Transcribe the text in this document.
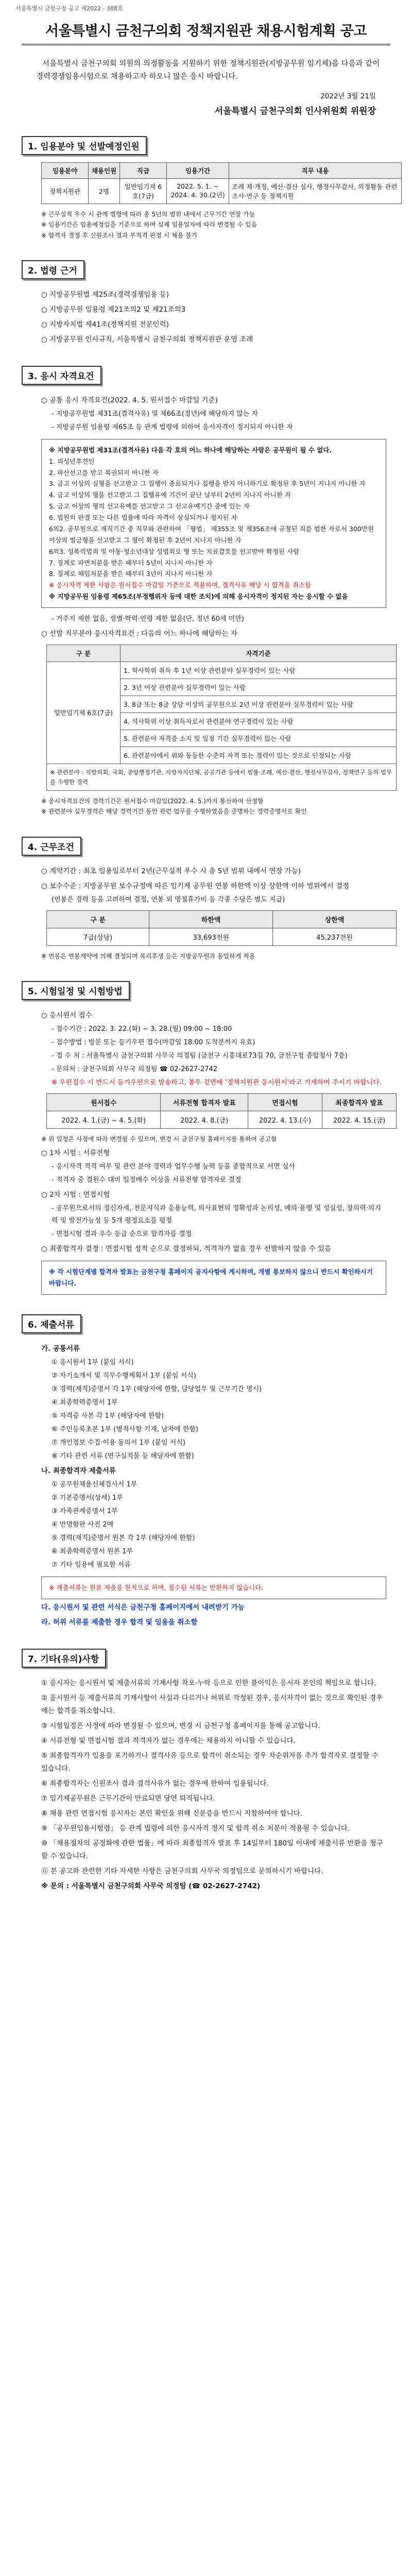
서울특별시 금천구청 공고 제2022 - 308호
서울특별시 금천구의회 정책지원관 채용시험계획 공고
서울특별시 금천구의회 의원의 의정활동을 지원하기 위한 정책지원관(지방공무원 임기제)을 다음과 같이 경력경쟁임용시험으로 채용하고자 하오니 많은 응시 바랍니다.
2022년 3월 21일
서울특별시 금천구의회 인사위원회 위원장
1. 임용분야 및 선발예정인원
임용분야	채용인원	직급	임용기간	직무 내용
정책지원관	2명	일반임기제 6호(7급)	2022. 5. 1. ~ 2024. 4. 30.(2년)	조례 제·개정, 예산·결산 심사, 행정사무감사, 의정활동 관련 조사·연구 등 정책지원
※ 근무실적 우수 시 관계 법령에 따라 총 5년의 범위 내에서 근무기간 연장 가능
※ 임용기간은 임용예정일을 기준으로 하며 실제 임용일자에 따라 변경될 수 있음
※ 합격자 결정 후 신원조사 결과 부적격 판정 시 채용 불가
2. 법령 근거
○ 지방공무원법 제25조(경력경쟁임용 등)
○ 지방공무원 임용령 제21조의2 및 제21조의3
○ 지방자치법 제41조(정책지원 전문인력)
○ 지방공무원 인사규칙, 서울특별시 금천구의회 정책지원관 운영 조례
3. 응시 자격요건
○ 공통 응시 자격요건(2022. 4. 5. 원서접수 마감일 기준)
- 지방공무원법 제31조(결격사유) 및 제66조(정년)에 해당하지 않는 자
- 지방공무원 임용령 제65조 등 관계 법령에 의하여 응시자격이 정지되지 아니한 자
※ 지방공무원법 제31조(결격사유) 다음 각 호의 어느 하나에 해당하는 사람은 공무원이 될 수 없다.
1. 피성년후견인
2. 파산선고를 받고 복권되지 아니한 자
3. 금고 이상의 실형을 선고받고 그 집행이 종료되거나 집행을 받지 아니하기로 확정된 후 5년이 지나지 아니한 자
4. 금고 이상의 형을 선고받고 그 집행유예 기간이 끝난 날부터 2년이 지나지 아니한 자
5. 금고 이상의 형의 선고유예를 선고받고 그 선고유예기간 중에 있는 자
6. 법원의 판결 또는 다른 법률에 따라 자격이 상실되거나 정지된 자
6의2. 공무원으로 재직기간 중 직무와 관련하여 「형법」 제355조 및 제356조에 규정된 죄를 범한 자로서 300만원 이상의 벌금형을 선고받고 그 형이 확정된 후 2년이 지나지 아니한 자
6의3. 성폭력범죄 및 아동·청소년대상 성범죄로 형 또는 치료감호를 선고받아 확정된 사람
7. 징계로 파면처분을 받은 때부터 5년이 지나지 아니한 자
8. 징계로 해임처분을 받은 때부터 3년이 지나지 아니한 자
※ 응시자격 제한 사항은 원서접수 마감일 기준으로 적용하며, 결격사유 해당 시 합격을 취소함
※ 지방공무원 임용령 제65조(부정행위자 등에 대한 조치)에 의해 응시자격이 정지된 자는 응시할 수 없음
- 거주지 제한 없음, 성별·학력·연령 제한 없음(단, 정년 60세 미만)
○ 선발 직무분야 응시자격요건 : 다음의 어느 하나에 해당하는 자
구 분	자격기준
일반임기제 6호(7급)	1. 학사학위 취득 후 1년 이상 관련분야 실무경력이 있는 사람
	2. 3년 이상 관련분야 실무경력이 있는 사람
	3. 8급 또는 8급 상당 이상의 공무원으로 2년 이상 관련분야 실무경력이 있는 사람
	4. 석사학위 이상 취득자로서 관련분야 연구경력이 있는 사람
	5. 관련분야 자격증 소지 및 일정 기간 실무경력이 있는 사람
	6. 관련분야에서 위와 동등한 수준의 자격 또는 경력이 있는 것으로 인정되는 사람
※ 관련분야 : 지방의회, 국회, 중앙행정기관, 지방자치단체, 공공기관 등에서 법률·조례, 예산·결산, 행정사무감사, 정책연구 등의 업무를 수행한 경력	
※ 응시자격요건의 경력기간은 원서접수 마감일(2022. 4. 5.)까지 통산하여 산정함
※ 관련분야 실무경력은 해당 경력기간 동안 관련 업무를 수행하였음을 증명하는 경력증명서로 확인
4. 근무조건
○ 계약기간 : 최초 임용일로부터 2년(근무실적 우수 시 총 5년 범위 내에서 연장 가능)
○ 보수수준 : 지방공무원 보수규정에 따른 임기제 공무원 연봉 하한액 이상 상한액 이하 범위에서 결정
(연봉은 경력 등을 고려하여 결정, 연봉 외 명절휴가비 등 각종 수당은 별도 지급)
구 분	하한액	상한액
7급(상당)	33,693천원	45,237천원
※ 연봉은 연봉계약에 의해 결정되며 복리후생 등은 지방공무원과 동일하게 적용
5. 시험일정 및 시험방법
○ 응시원서 접수
- 접수기간 : 2022. 3. 22.(화) ~ 3. 28.(월) 09:00 ~ 18:00
- 접수방법 : 방문 또는 등기우편 접수(마감일 18:00 도착분까지 유효)
- 접 수 처 : 서울특별시 금천구의회 사무국 의정팀 (금천구 시흥대로73길 70, 금천구청 종합청사 7층)
- 문의처 : 금천구의회 사무국 의정팀 ☎ 02-2627-2742
※ 우편접수 시 반드시 등기우편으로 발송하고, 봉투 겉면에 '정책지원관 응시원서'라고 기재하여 주시기 바랍니다.
원서접수	서류전형 합격자 발표	면접시험	최종합격자 발표
2022. 4. 1.(금) ~ 4. 5.(화)	2022. 4. 8.(금)	2022. 4. 13.(수)	2022. 4. 15.(금)
※ 위 일정은 사정에 따라 변경될 수 있으며, 변경 시 금천구청 홈페이지를 통하여 공고함
○ 1차 시험 : 서류전형
- 응시자격 적격 여부 및 관련 분야 경력과 업무수행 능력 등을 종합적으로 서면 심사
- 적격자 중 결원수 대비 일정배수 이상을 서류전형 합격자로 결정
○ 2차 시험 : 면접시험
- 공무원으로서의 정신자세, 전문지식과 응용능력, 의사표현의 정확성과 논리성, 예의·품행 및 성실성, 창의력·의지력 및 발전가능성 등 5개 평정요소를 평정
- 면접시험 결과 우수 등급 순으로 합격자를 결정
○ 최종합격자 결정 : 면접시험 성적 순으로 결정하되, 적격자가 없을 경우 선발하지 않을 수 있음
※ 각 시험단계별 합격자 발표는 금천구청 홈페이지 공지사항에 게시하며, 개별 통보하지 않으니 반드시 확인하시기 바랍니다.
6. 제출서류
가. 공통서류
① 응시원서 1부 (붙임 서식)
② 자기소개서 및 직무수행계획서 1부 (붙임 서식)
③ 경력(재직)증명서 각 1부 (해당자에 한함, 담당업무 및 근무기간 명시)
④ 최종학력증명서 1부
⑤ 자격증 사본 각 1부 (해당자에 한함)
⑥ 주민등록초본 1부 (병적사항 기재, 남자에 한함)
⑦ 개인정보 수집·이용 동의서 1부 (붙임 서식)
⑧ 기타 관련 서류 (연구실적물 등 해당자에 한함)
나. 최종합격자 제출서류
① 공무원채용신체검사서 1부
② 기본증명서(상세) 1부
③ 가족관계증명서 1부
④ 반명함판 사진 2매
⑤ 경력(재직)증명서 원본 각 1부 (해당자에 한함)
⑥ 최종학력증명서 원본 1부
⑦ 기타 임용에 필요한 서류
※ 제출서류는 원본 제출을 원칙으로 하며, 접수된 서류는 반환하지 않습니다.
다. 응시원서 및 관련 서식은 금천구청 홈페이지에서 내려받기 가능
라. 허위 서류를 제출한 경우 합격 및 임용을 취소함
7. 기타(유의)사항
① 응시자는 응시원서 및 제출서류의 기재사항 착오·누락 등으로 인한 불이익은 응시자 본인의 책임으로 합니다.
② 응시원서 등 제출서류의 기재사항이 사실과 다르거나 허위로 작성된 경우, 응시자격이 없는 것으로 확인된 경우에는 합격을 취소합니다.
③ 시험일정은 사정에 따라 변경될 수 있으며, 변경 시 금천구청 홈페이지를 통해 공고합니다.
④ 서류전형 및 면접시험 결과 적격자가 없는 경우에는 채용하지 아니할 수 있습니다.
⑤ 최종합격자가 임용을 포기하거나 결격사유 등으로 합격이 취소되는 경우 차순위자를 추가 합격자로 결정할 수 있습니다.
⑥ 최종합격자는 신원조사 결과 결격사유가 없는 경우에 한하여 임용됩니다.
⑦ 임기제공무원은 근무기간이 만료되면 당연 퇴직됩니다.
⑧ 채용 관련 면접시험 응시자는 본인 확인을 위해 신분증을 반드시 지참하여야 합니다.
⑨ 「공무원임용시험령」 등 관계 법령에 의한 응시자격 정지 및 합격 취소 처분이 적용될 수 있습니다.
⑩ 「채용절차의 공정화에 관한 법률」에 따라 최종합격자 발표 후 14일부터 180일 이내에 제출서류 반환을 청구할 수 있습니다.
⑪ 본 공고와 관련한 기타 자세한 사항은 금천구의회 사무국 의정팀으로 문의하시기 바랍니다.
※ 문의 : 서울특별시 금천구의회 사무국 의정팀 (☎ 02-2627-2742)
